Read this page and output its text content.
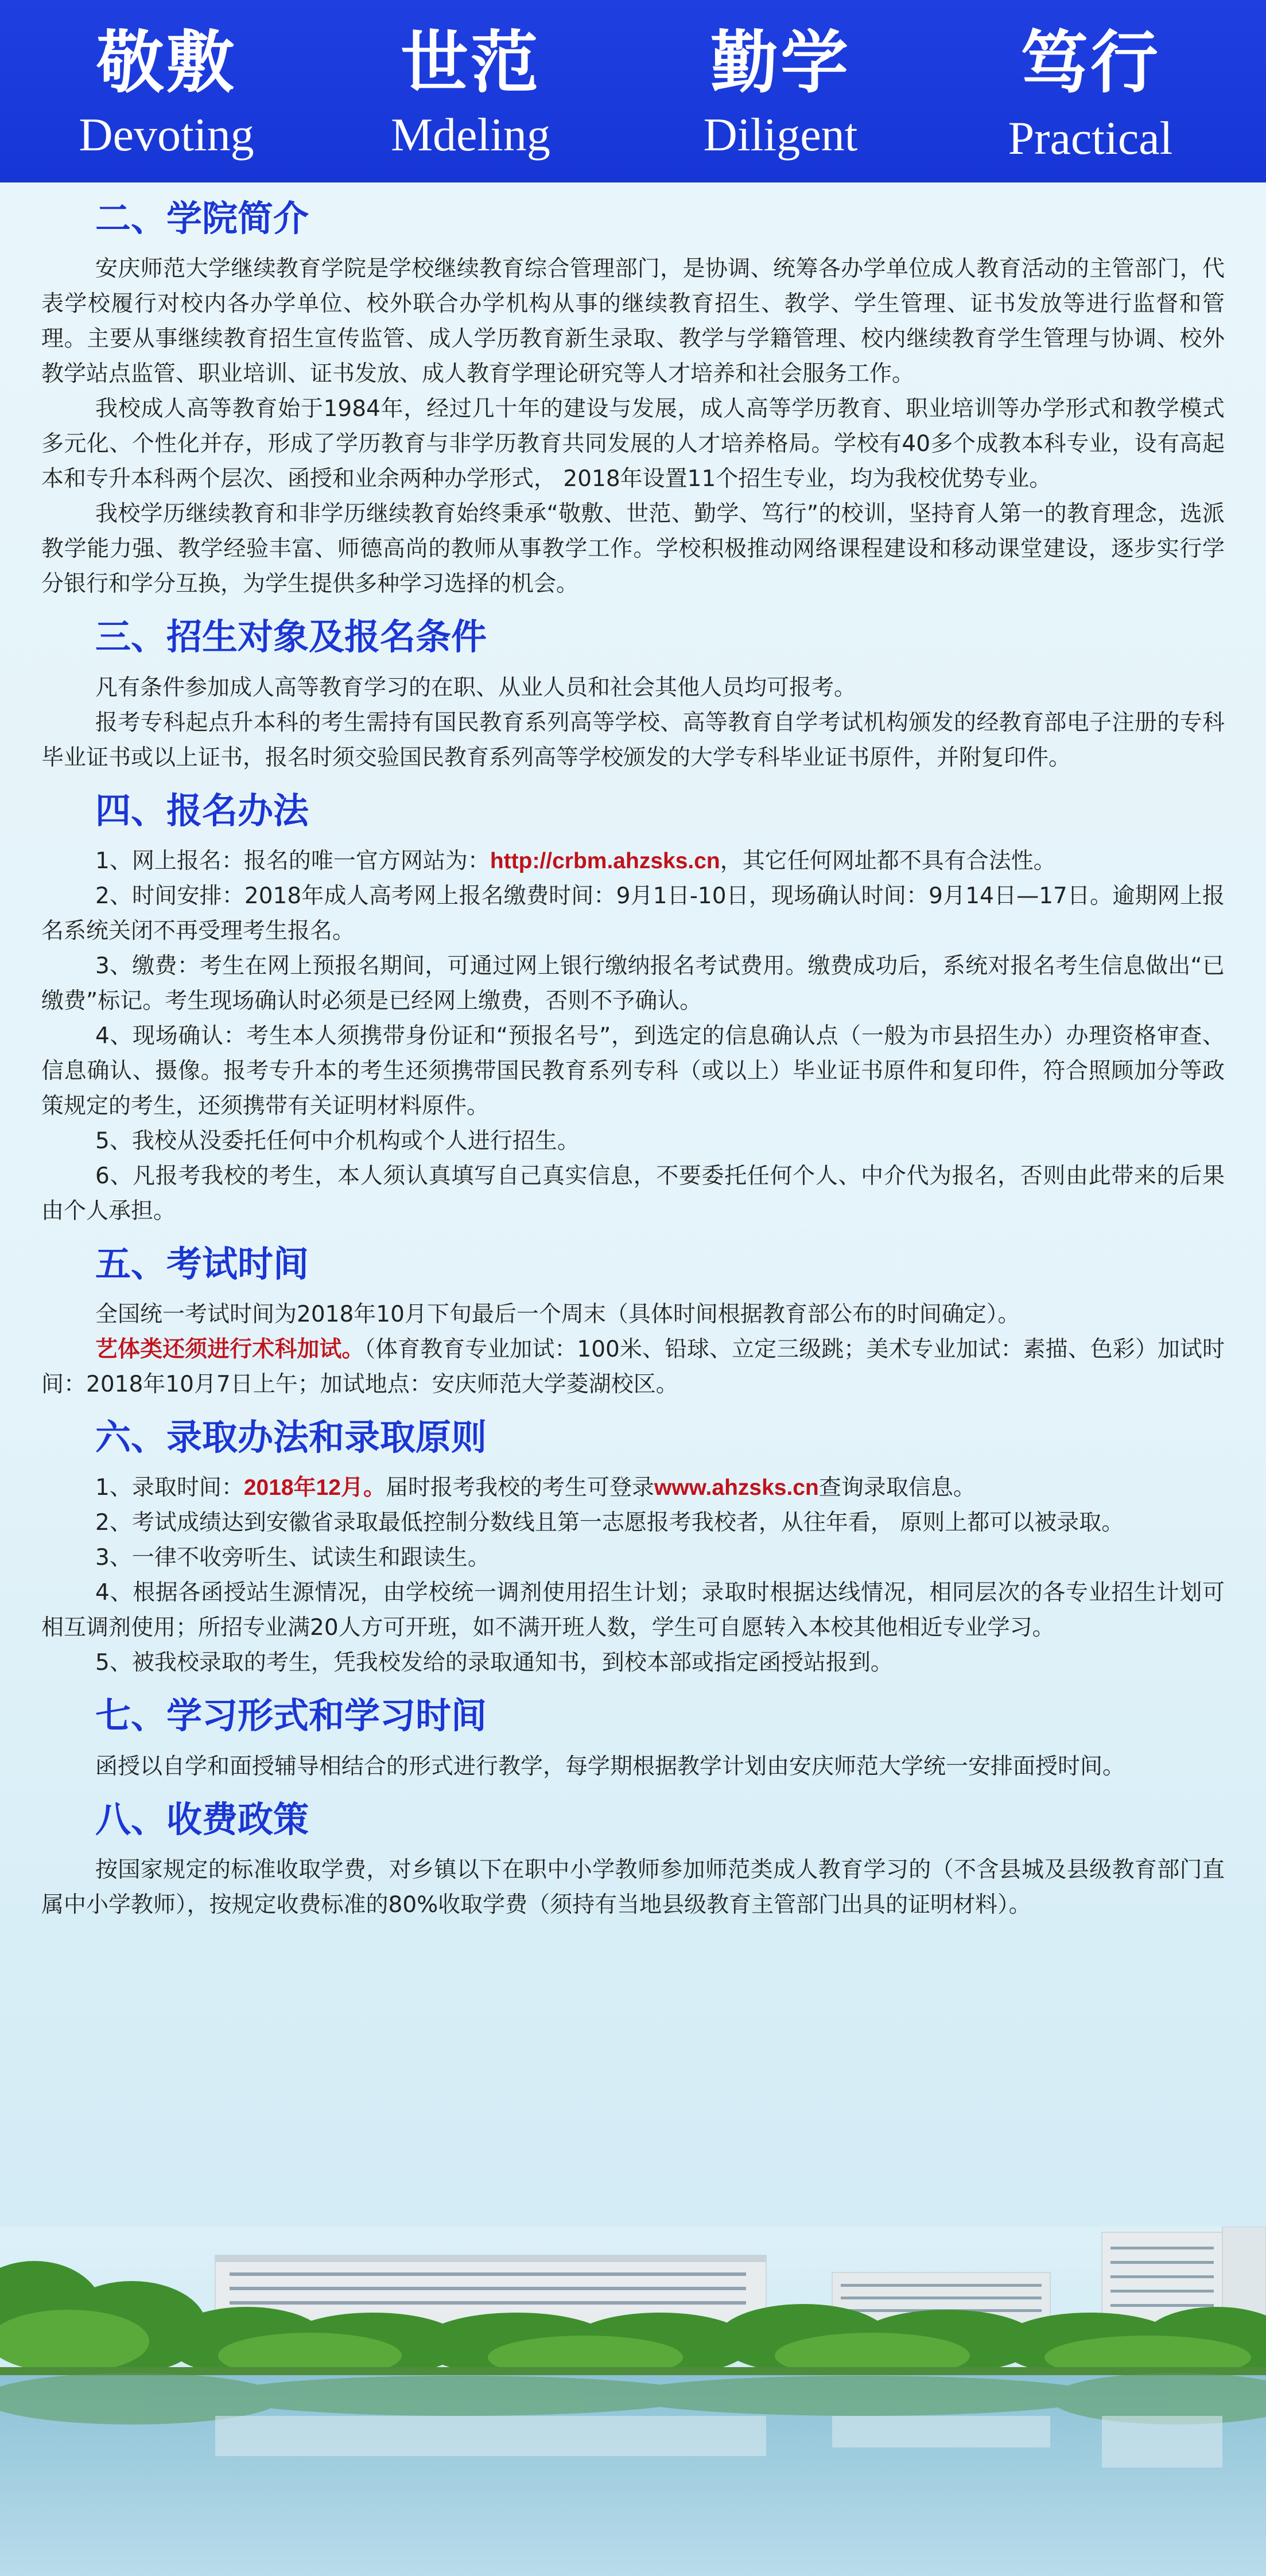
敬敷
Devoting
世范
Mdeling
勤学
Diligent
笃行
Practical
二、学院简介

安庆师范大学继续教育学院是学校继续教育综合管理部门，是协调、统筹各办学单位成人教育活动的主管部门，代表学校履行对校内各办学单位、校外联合办学机构从事的继续教育招生、教学、学生管理、证书发放等进行监督和管理。主要从事继续教育招生宣传监管、成人学历教育新生录取、教学与学籍管理、校内继续教育学生管理与协调、校外教学站点监管、职业培训、证书发放、成人教育学理论研究等人才培养和社会服务工作。

我校成人高等教育始于1984年，经过几十年的建设与发展，成人高等学历教育、职业培训等办学形式和教学模式多元化、个性化并存，形成了学历教育与非学历教育共同发展的人才培养格局。学校有40多个成教本科专业，设有高起本和专升本科两个层次、函授和业余两种办学形式， 2018年设置11个招生专业，均为我校优势专业。

我校学历继续教育和非学历继续教育始终秉承“敬敷、世范、勤学、笃行”的校训，坚持育人第一的教育理念，选派教学能力强、教学经验丰富、师德高尚的教师从事教学工作。学校积极推动网络课程建设和移动课堂建设，逐步实行学分银行和学分互换，为学生提供多种学习选择的机会。

三、招生对象及报名条件

凡有条件参加成人高等教育学习的在职、从业人员和社会其他人员均可报考。

报考专科起点升本科的考生需持有国民教育系列高等学校、高等教育自学考试机构颁发的经教育部电子注册的专科毕业证书或以上证书，报名时须交验国民教育系列高等学校颁发的大学专科毕业证书原件，并附复印件。

四、报名办法

1、网上报名：报名的唯一官方网站为：http://crbm.ahzsks.cn，其它任何网址都不具有合法性。

2、时间安排：2018年成人高考网上报名缴费时间：9月1日-10日，现场确认时间：9月14日—17日。逾期网上报名系统关闭不再受理考生报名。

3、缴费：考生在网上预报名期间，可通过网上银行缴纳报名考试费用。缴费成功后，系统对报名考生信息做出“已缴费”标记。考生现场确认时必须是已经网上缴费，否则不予确认。

4、现场确认：考生本人须携带身份证和“预报名号”，到选定的信息确认点（一般为市县招生办）办理资格审查、信息确认、摄像。报考专升本的考生还须携带国民教育系列专科（或以上）毕业证书原件和复印件，符合照顾加分等政策规定的考生，还须携带有关证明材料原件。

5、我校从没委托任何中介机构或个人进行招生。

6、凡报考我校的考生，本人须认真填写自己真实信息，不要委托任何个人、中介代为报名，否则由此带来的后果由个人承担。

五、考试时间

全国统一考试时间为2018年10月下旬最后一个周末（具体时间根据教育部公布的时间确定）。

艺体类还须进行术科加试。（体育教育专业加试：100米、铅球、立定三级跳；美术专业加试：素描、色彩）加试时间：2018年10月7日上午；加试地点：安庆师范大学菱湖校区。

六、录取办法和录取原则

1、录取时间：2018年12月。届时报考我校的考生可登录www.ahzsks.cn查询录取信息。

2、考试成绩达到安徽省录取最低控制分数线且第一志愿报考我校者，从往年看， 原则上都可以被录取。

3、一律不收旁听生、试读生和跟读生。

4、根据各函授站生源情况，由学校统一调剂使用招生计划；录取时根据达线情况，相同层次的各专业招生计划可相互调剂使用；所招专业满20人方可开班，如不满开班人数，学生可自愿转入本校其他相近专业学习。

5、被我校录取的考生，凭我校发给的录取通知书，到校本部或指定函授站报到。

七、学习形式和学习时间

函授以自学和面授辅导相结合的形式进行教学，每学期根据教学计划由安庆师范大学统一安排面授时间。

八、收费政策

按国家规定的标准收取学费，对乡镇以下在职中小学教师参加师范类成人教育学习的（不含县城及县级教育部门直属中小学教师），按规定收费标准的80%收取学费（须持有当地县级教育主管部门出具的证明材料）。
